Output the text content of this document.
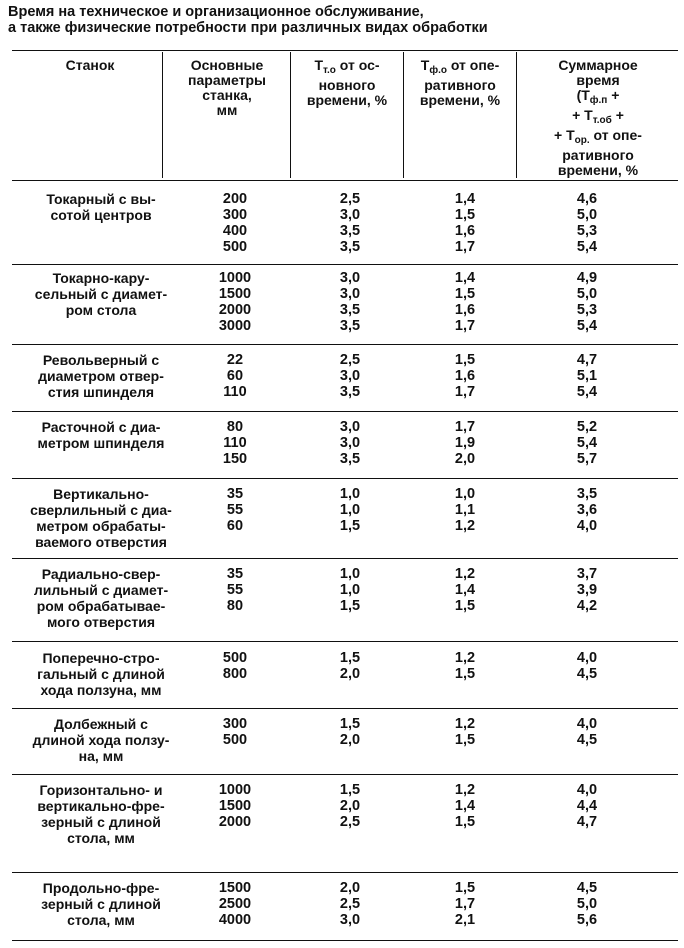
Время на техническое и организационное обслуживание,
а также физические потребности при различных видах обработки
Станок	Основные
параметры
станка,
мм
$T_{т.о}$ от ос-
новного
времени, %
$T_{ф.о}$ от опе-
ративного
времени, %
Суммарное
время
($T_{ф.п}$ +
+ $T_{т.об}$ +
+ $T_{ор.}$ от опе-
ративного
времени, %
Токарный с вы-
сотой центров
200
300
400
500
2,5
3,0
3,5
3,5
1,4
1,5
1,6
1,7
4,6
5,0
5,3
5,4
Токарно-кару-
сельный с диамет-
ром стола
1000
1500
2000
3000
3,0
3,0
3,5
3,5
1,4
1,5
1,6
1,7
4,9
5,0
5,3
5,4
Револьверный с
диаметром отвер-
стия шпинделя
22
60
110
2,5
3,0
3,5
1,5
1,6
1,7
4,7
5,1
5,4
Расточной с диа-
метром шпинделя
80
110
150
3,0
3,0
3,5
1,7
1,9
2,0
5,2
5,4
5,7
Вертикально-
сверлильный с диа-
метром обрабаты-
ваемого отверстия
35
55
60
1,0
1,0
1,5
1,0
1,1
1,2
3,5
3,6
4,0
Радиально-свер-
лильный с диамет-
ром обрабатывае-
мого отверстия
35
55
80
1,0
1,0
1,5
1,2
1,4
1,5
3,7
3,9
4,2
Поперечно-стро-
гальный с длиной
хода ползуна, мм
500
800
1,5
2,0
1,2
1,5
4,0
4,5
Долбежный с
длиной хода ползу-
на, мм
300
500
1,5
2,0
1,2
1,5
4,0
4,5
Горизонтально- и
вертикально-фре-
зерный с длиной
стола, мм
1000
1500
2000
1,5
2,0
2,5
1,2
1,4
1,5
4,0
4,4
4,7
Продольно-фре-
зерный с длиной
стола, мм
1500
2500
4000
2,0
2,5
3,0
1,5
1,7
2,1
4,5
5,0
5,6
